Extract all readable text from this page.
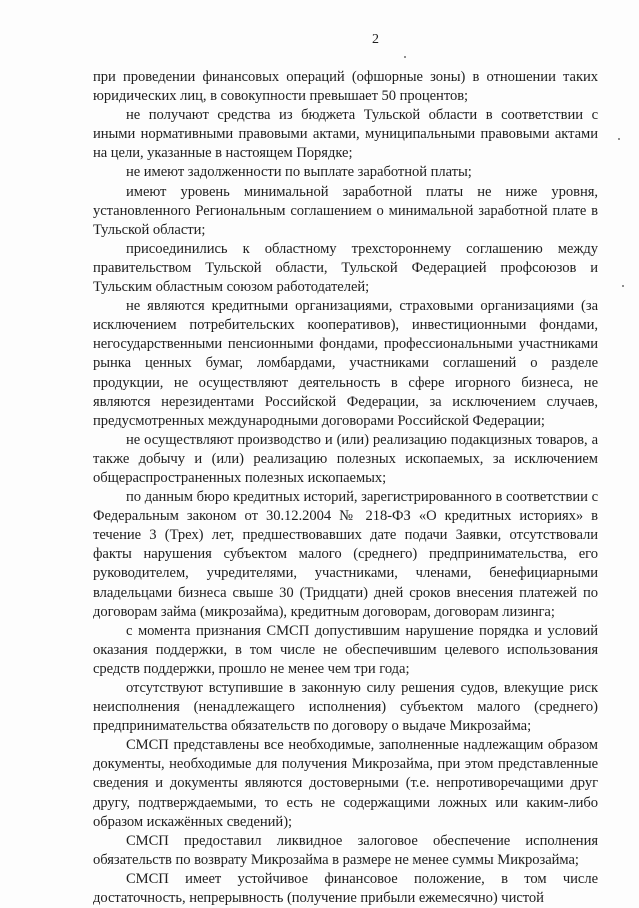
2

при проведении финансовых операций (офшорные зоны) в отношении таких юридических лиц, в совокупности превышает 50 процентов;

не получают средства из бюджета Тульской области в соответствии с иными нормативными правовыми актами, муниципальными правовыми актами на цели, указанные в настоящем Порядке;

не имеют задолженности по выплате заработной платы;

имеют уровень минимальной заработной платы не ниже уровня, установленного Региональным соглашением о минимальной заработной плате в Тульской области;

присоединились к областному трехстороннему соглашению между правительством Тульской области, Тульской Федерацией профсоюзов и Тульским областным союзом работодателей;

не являются кредитными организациями, страховыми организациями (за исключением потребительских кооперативов), инвестиционными фондами, негосударственными пенсионными фондами, профессиональными участниками рынка ценных бумаг, ломбардами, участниками соглашений о разделе продукции, не осуществляют деятельность в сфере игорного бизнеса, не являются нерезидентами Российской Федерации, за исключением случаев, предусмотренных международными договорами Российской Федерации;

не осуществляют производство и (или) реализацию подакцизных товаров, а также добычу и (или) реализацию полезных ископаемых, за исключением общераспространенных полезных ископаемых;

по данным бюро кредитных историй, зарегистрированного в соответствии с Федеральным законом от 30.12.2004 № 218-ФЗ «О кредитных историях» в течение 3 (Трех) лет, предшествовавших дате подачи Заявки, отсутствовали факты нарушения субъектом малого (среднего) предпринимательства, его руководителем, учредителями, участниками, членами, бенефициарными владельцами бизнеса свыше 30 (Тридцати) дней сроков внесения платежей по договорам займа (микрозайма), кредитным договорам, договорам лизинга;

с момента признания СМСП допустившим нарушение порядка и условий оказания поддержки, в том числе не обеспечившим целевого использования средств поддержки, прошло не менее чем три года;

отсутствуют вступившие в законную силу решения судов, влекущие риск неисполнения (ненадлежащего исполнения) субъектом малого (среднего) предпринимательства обязательств по договору о выдаче Микрозайма;

СМСП представлены все необходимые, заполненные надлежащим образом документы, необходимые для получения Микрозайма, при этом представленные сведения и документы являются достоверными (т.е. непротиворечащими друг другу, подтверждаемыми, то есть не содержащими ложных или каким-либо образом искажённых сведений);

СМСП предоставил ликвидное залоговое обеспечение исполнения обязательств по возврату Микрозайма в размере не менее суммы Микрозайма;

СМСП имеет устойчивое финансовое положение, в том числе достаточность, непрерывность (получение прибыли ежемесячно) чистой
